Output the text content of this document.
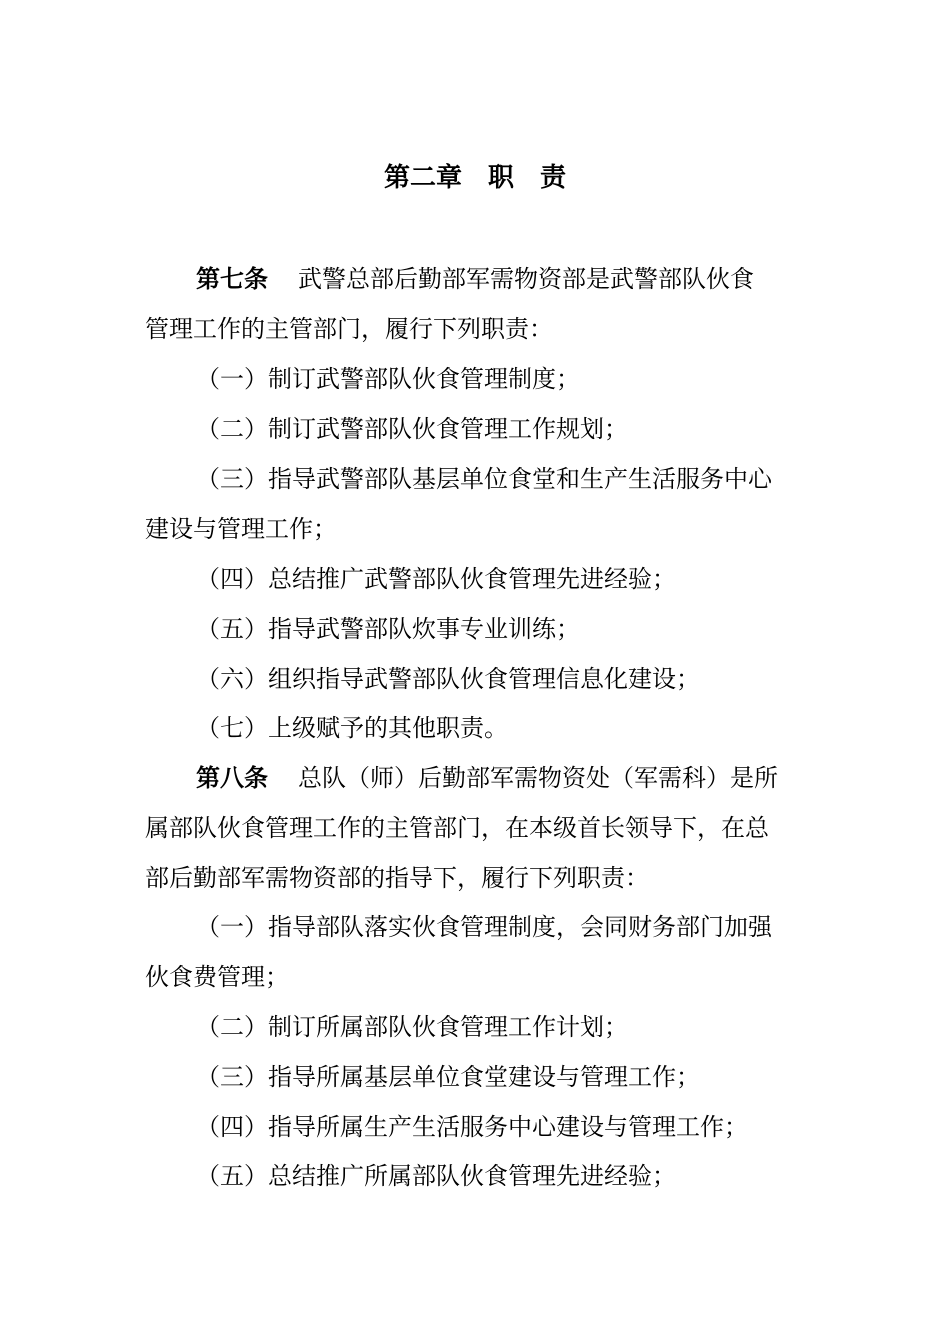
第二章　职　责
第七条 武警总部后勤部军需物资部是武警部队伙食
管理工作的主管部门，履行下列职责：
（一）制订武警部队伙食管理制度；
（二）制订武警部队伙食管理工作规划；
（三）指导武警部队基层单位食堂和生产生活服务中心
建设与管理工作；
（四）总结推广武警部队伙食管理先进经验；
（五）指导武警部队炊事专业训练；
（六）组织指导武警部队伙食管理信息化建设；
（七）上级赋予的其他职责。
第八条 总队（师）后勤部军需物资处（军需科）是所
属部队伙食管理工作的主管部门，在本级首长领导下，在总
部后勤部军需物资部的指导下，履行下列职责：
（一）指导部队落实伙食管理制度，会同财务部门加强
伙食费管理；
（二）制订所属部队伙食管理工作计划；
（三）指导所属基层单位食堂建设与管理工作；
（四）指导所属生产生活服务中心建设与管理工作；
（五）总结推广所属部队伙食管理先进经验；
